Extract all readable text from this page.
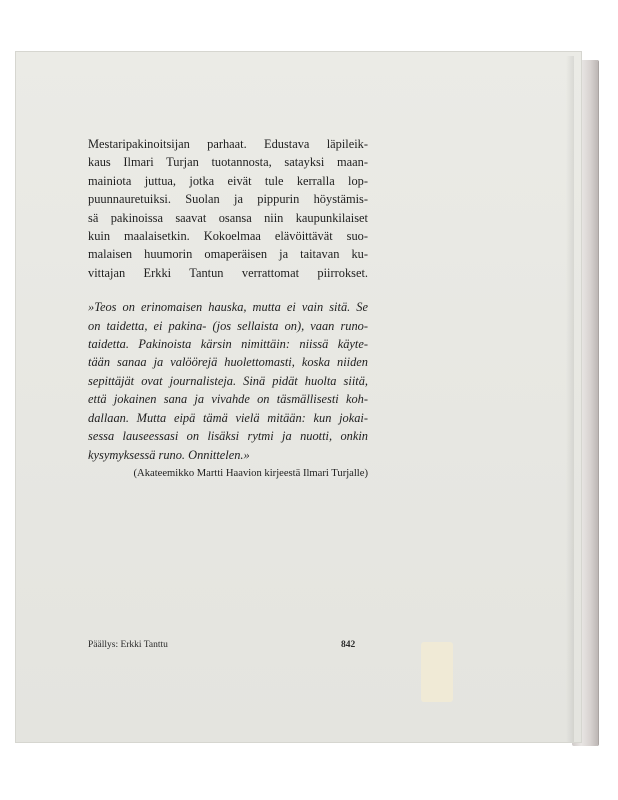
Mestaripakinoitsijan parhaat. Edustava läpileik-
kaus Ilmari Turjan tuotannosta, satayksi maan-
mainiota juttua, jotka eivät tule kerralla lop-
puunnauretuiksi. Suolan ja pippurin höystämis-
sä pakinoissa saavat osansa niin kaupunkilaiset
kuin maalaisetkin. Kokoelmaa elävöittävät suo-
malaisen huumorin omaperäisen ja taitavan ku-
vittajan Erkki Tantun verrattomat piirrokset.

»Teos on erinomaisen hauska, mutta ei vain sitä. Se
on taidetta, ei pakina- (jos sellaista on), vaan runo-
taidetta. Pakinoista kärsin nimittäin: niissä käyte-
tään sanaa ja valöörejä huolettomasti, koska niiden
sepittäjät ovat journalisteja. Sinä pidät huolta siitä,
että jokainen sana ja vivahde on täsmällisesti koh-
dallaan. Mutta eipä tämä vielä mitään: kun jokai-
sessa lauseessasi on lisäksi rytmi ja nuotti, onkin
kysymyksessä runo. Onnittelen.»

(Akateemikko Martti Haavion kirjeestä Ilmari Turjalle)
Päällys: Erkki Tanttu	842
